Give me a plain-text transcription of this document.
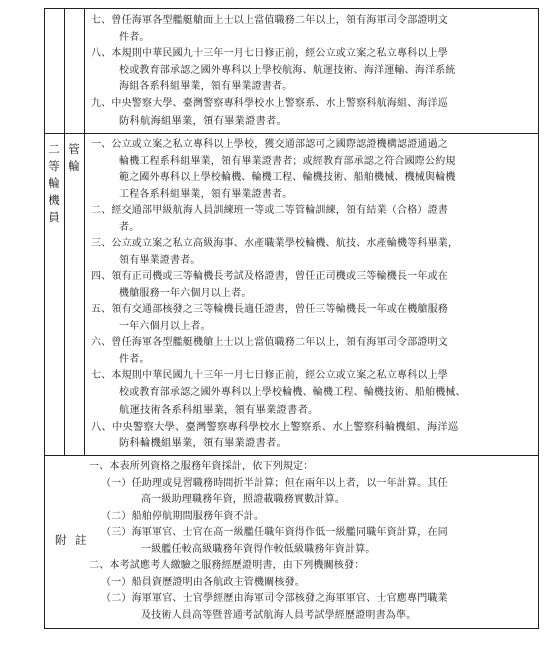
七、曾任海軍各型艦艇艙面上士以上當值職務二年以上，領有海軍司令部證明文
件者。
八、本規則中華民國九十三年一月七日修正前，經公立或立案之私立專科以上學
校或教育部承認之國外專科以上學校航海、航運技術、海洋運輸、海洋系統
海組各系科組畢業，領有畢業證書者。
九、中央警察大學、臺灣警察專科學校水上警察系、水上警察科航海組、海洋巡
二
等
輪
機
員
管
輪
一、公立或立案之私立專科以上學校，獲交通部認可之國際認證機構認證通過之
輪機工程系科組畢業，領有畢業證書者；或經教育部承認之符合國際公約規
範之國外專科以上學校輪機、輪機工程、輪機技術、船舶機械、機械與輪機
工程各系科組畢業，領有畢業證書者。
二、經交通部甲級航海人員訓練班一等或二等管輪訓練，領有結業（合格）證書
者。
三、公立或立案之私立高級海事、水產職業學校輪機、航技、水產輪機等科畢業，
領有畢業證書者。
四、領有正司機或三等輪機長考試及格證書，曾任正司機或三等輪機長一年或在
機艙服務一年六個月以上者。
五、領有交通部核發之三等輪機長適任證書，曾任三等輪機長一年或在機艙服務
一年六個月以上者。
六、曾任海軍各型艦艇機艙上士以上當值職務二年以上，領有海軍司令部證明文
件者。
七、本規則中華民國九十三年一月七日修正前，經公立或立案之私立專科以上學
校或教育部承認之國外專科以上學校輪機、輪機工程、輪機技術、船舶機械、
附
一、本表所列資格之服務年資採計，依下列規定：
（一）任助理或見習職務時間折半計算；但在兩年以上者，以一年計算。其任
高一級助理職務年資，照證載職務實數計算。
（二）船舶停航期間服務年資不計。
（三）海軍軍官、士官在高一級艦任職年資得作低一級艦同職年資計算，在同
一級艦任較高級職務年資得作較低級職務年資計算。
二、本考試應考人繳驗之服務經歷證明書，由下列機關核發：
（一）船員資歷證明由各航政主管機關核發。
（二）海軍軍官、士官學經歷由海軍司令部核發之海軍軍官、士官應專門職業
及技術人員高等暨普通考試航海人員考試學經歷證明書為準。
防科航海組畢業，領有畢業證書者。
航運技術各系科組畢業，領有畢業證書者。
八、中央警察大學、臺灣警察專科學校水上警察系、水上警察科輪機組、海洋巡
防科輪機組畢業，領有畢業證書者。
註
